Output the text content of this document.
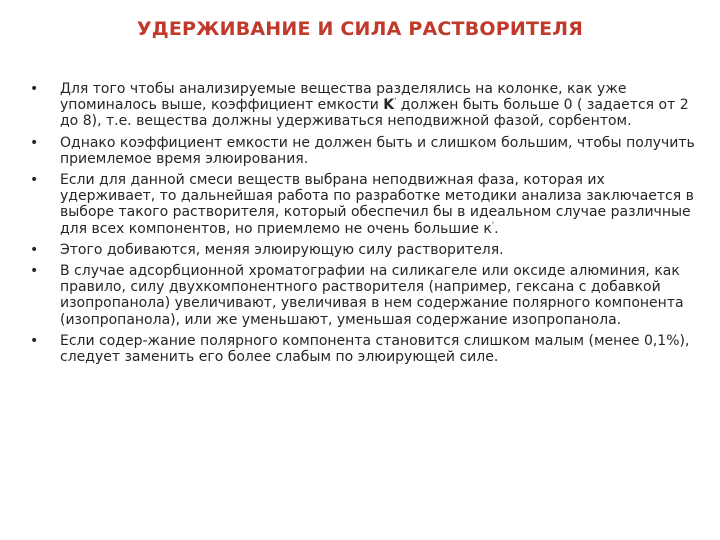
УДЕРЖИВАНИЕ И СИЛА РАСТВОРИТЕЛЯ
• Для того чтобы анализируемые вещества разделялись на колонке, как уже упоминалось выше, коэффициент емкости K' должен быть больше 0 ( задается от 2 до 8), т.е. вещества должны удерживаться неподвижной фазой, сорбентом.
• Однако коэффициент емкости не должен быть и слишком большим, чтобы получить приемлемое время элюирования.
• Если для данной смеси веществ выбрана неподвижная фаза, которая их удерживает, то дальнейшая работа по разработке методики анализа заключается в выборе такого растворителя, который обеспечил бы в идеальном случае различные для всех компонентов, но приемлемо не очень большие к'.
• Этого добиваются, меняя элюирующую силу растворителя.
• В случае адсорбционной хроматографии на силикагеле или оксиде алюминия, как правило, силу двухкомпонентного растворителя (например, гексана с добавкой изопропанола) увеличивают, увеличивая в нем содержание полярного компонента (изопропанола), или же уменьшают, уменьшая содержание изопропанола.
• Если содер-жание полярного компонента становится слишком малым (менее 0,1%), следует заменить его более слабым по элюирующей силе.
